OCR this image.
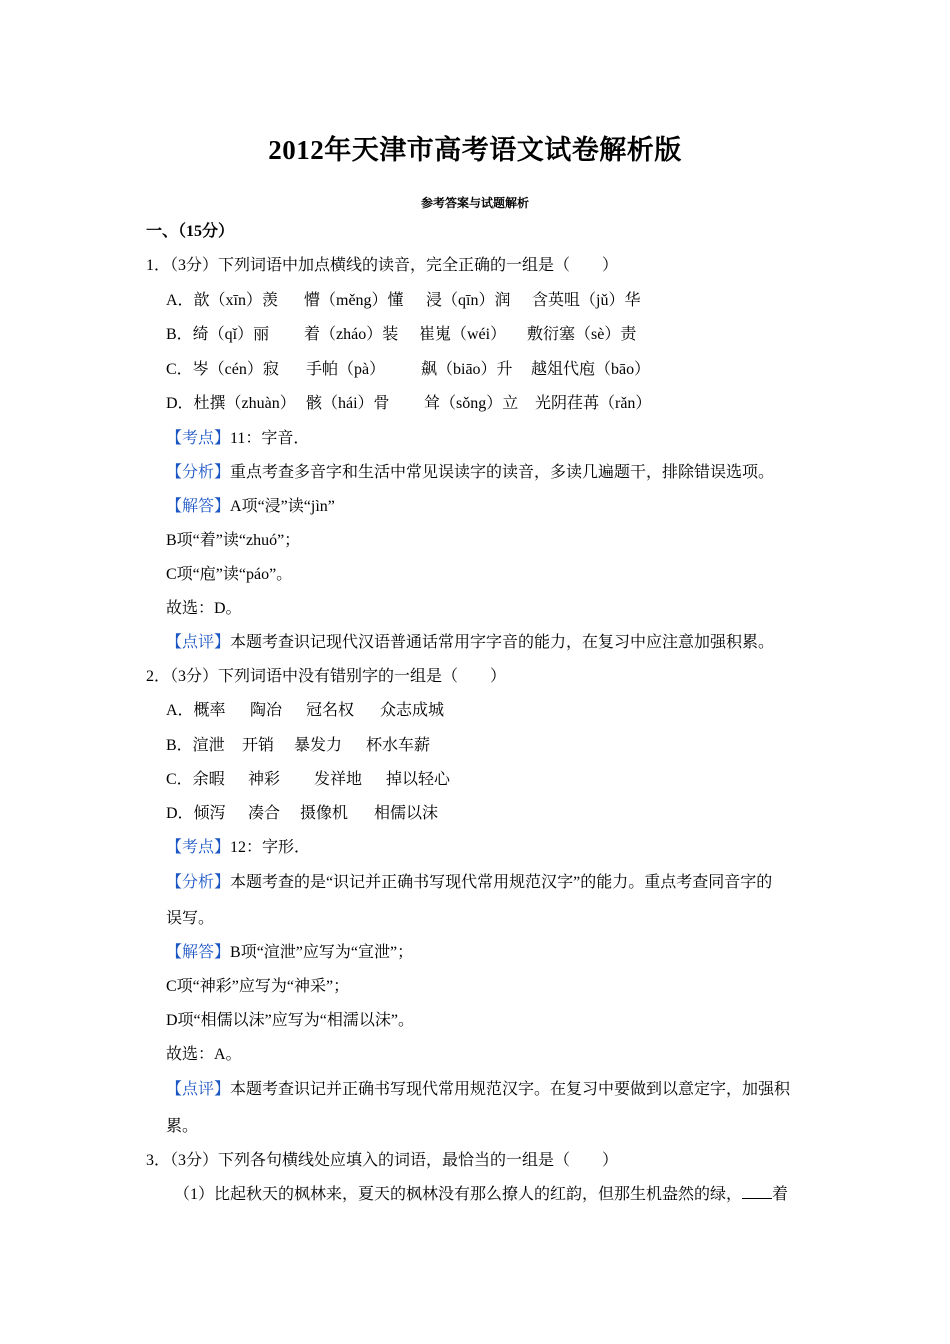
2012年天津市高考语文试卷解析版
参考答案与试题解析
一、（15分）
1．（3分）下列词语中加点横线的读音，完全正确的一组是（　　）
A．歆（xīn）羡 懵（měng）懂 浸（qīn）润 含英咀（jǔ）华
B．绮（qǐ）丽 着（zháo）装 崔嵬（wéi） 敷衍塞（sè）责
C．岑（cén）寂 手帕（pà） 飙（biāo）升 越俎代庖（bāo）
D．杜撰（zhuàn） 骸（hái）骨 耸（sǒng）立 光阴荏苒（rǎn）
【考点】11：字音．
【分析】重点考查多音字和生活中常见误读字的读音，多读几遍题干，排除错误选项。
【解答】A项“浸”读“jìn”
B项“着”读“zhuó”；
C项“庖”读“páo”。
故选：D。
【点评】本题考查识记现代汉语普通话常用字字音的能力，在复习中应注意加强积累。
2．（3分）下列词语中没有错别字的一组是（　　）
A．概率 陶冶 冠名权 众志成城
B．渲泄 开销 暴发力 杯水车薪
C．余暇 神彩 发祥地 掉以轻心
D．倾泻 凑合 摄像机 相儒以沫
【考点】12：字形．
【分析】本题考查的是“识记并正确书写现代常用规范汉字”的能力。重点考查同音字的
误写。
【解答】B项“渲泄”应写为“宣泄”；
C项“神彩”应写为“神采”；
D项“相儒以沫”应写为“相濡以沫”。
故选：A。
【点评】本题考查识记并正确书写现代常用规范汉字。在复习中要做到以意定字，加强积
累。
3．（3分）下列各句横线处应填入的词语，最恰当的一组是（　　）
（1）比起秋天的枫林来，夏天的枫林没有那么撩人的红韵，但那生机盎然的绿， 着
